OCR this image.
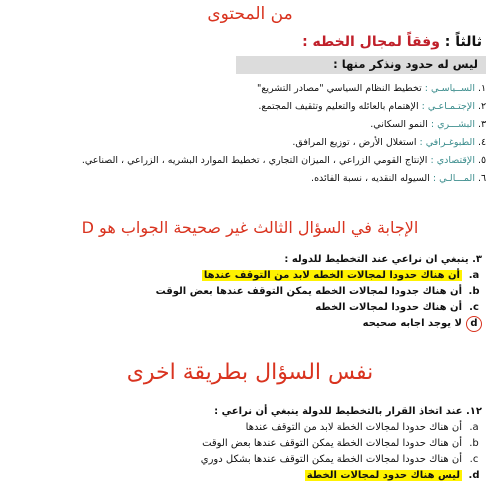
من المحتوى
ثالثاً : وفقاً لمجال الخطه :
ليس له حدود ونذكر منها :
١. الســياسـي : تخطيط النظام السياسي "مصادر التشريع"
٢. الإجتـمـاعـي : الإهتمام بالعائله والتعليم وتثقيف المجتمع.
٣. البشـــري : النمو السكاني.
٤. الطبوغـرافي : استغلال الأرض ، توزيع المرافق.
٥. الإقتصادي : الإنتاج القومي الزراعي ، الميزان التجاري ، تخطيط الموارد البشريه ، الزراعي ، الصناعي.
٦. المـــالـي : السيوله النقديه ، نسبة الفائده.
الإجابة في السؤال الثالث غير صحيحة الجواب هو D
٣. ينبغي ان نراعي عند التخطيط للدوله :
a.أن هناك حدودا لمجالات الخطه لابد من التوقف عندها
b.أن هناك جدودا لمجالات الخطه يمكن التوقف عندها بعض الوقت
c.أن هناك حدودا لمجالات الخطه
dلا يوجد اجابه صحيحه
نفس السؤال بطريقة اخرى
١٢. عند اتخاذ القرار بالتخطيط للدولة ينبغي أن نراعي :
a.أن هناك حدودا لمجالات الخطة لابد من التوقف عندها
b.أن هناك حدودا لمجالات الخطة يمكن التوقف عندها بعض الوقت
c.أن هناك حدودا لمجالات الخطة يمكن التوقف عندها بشكل دوري
d.ليس هناك حدود لمجالات الخطة
